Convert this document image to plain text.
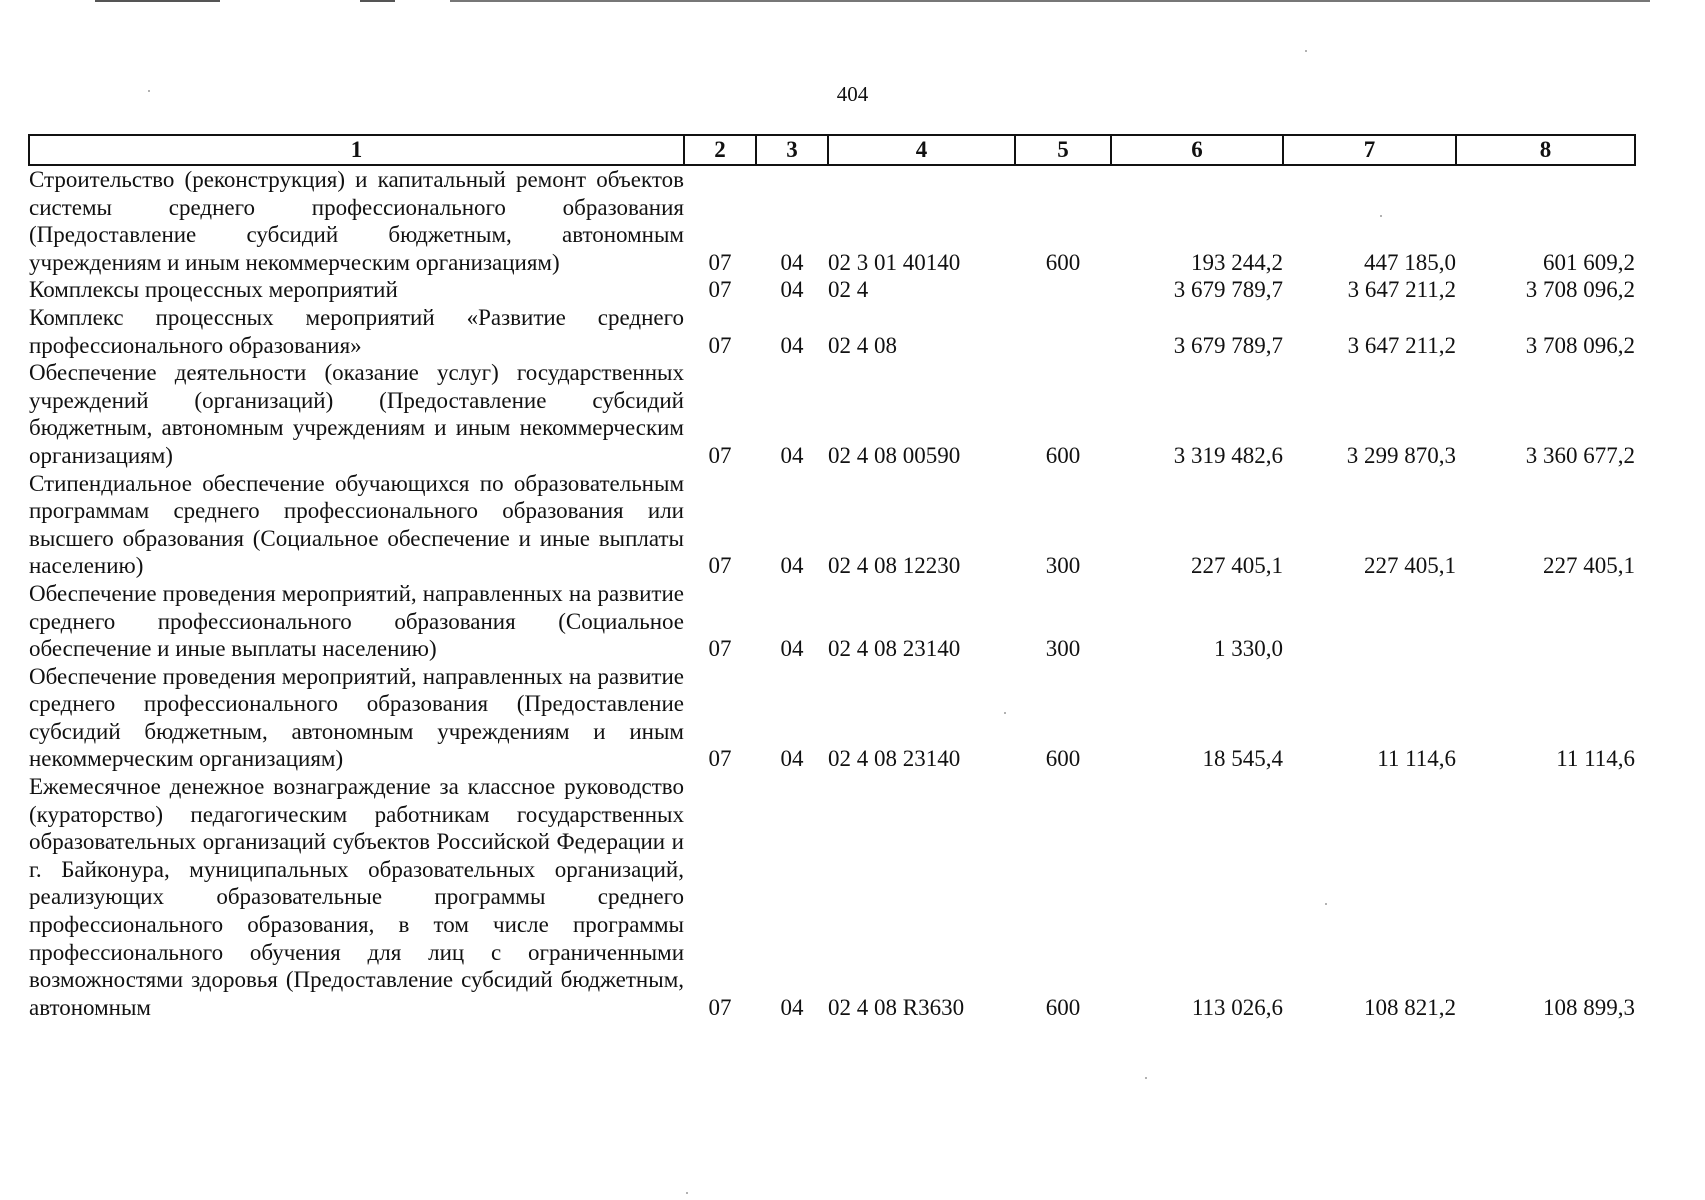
404
1	2	3	4	5	6	7	8
Строительство (реконструкция) и капитальный ремонт объектов системы среднего профессионального образования (Предоставление субсидий бюджетным, автономным учреждениям и иным некоммерческим организациям)	07	04	02 3 01 40140	600	193 244,2	447 185,0	601 609,2
Комплексы процессных мероприятий	07	04	02 4		3 679 789,7	3 647 211,2	3 708 096,2
Комплекс процессных мероприятий «Развитие среднего профессионального образования»	07	04	02 4 08		3 679 789,7	3 647 211,2	3 708 096,2
Обеспечение деятельности (оказание услуг) государственных учреждений (организаций) (Предоставление субсидий бюджетным, автономным учреждениям и иным некоммерческим организациям)	07	04	02 4 08 00590	600	3 319 482,6	3 299 870,3	3 360 677,2
Стипендиальное обеспечение обучающихся по образовательным программам среднего профессионального образования или высшего образования (Социальное обеспечение и иные выплаты населению)	07	04	02 4 08 12230	300	227 405,1	227 405,1	227 405,1
Обеспечение проведения мероприятий, направленных на развитие среднего профессионального образования (Социальное обеспечение и иные выплаты населению)	07	04	02 4 08 23140	300	1 330,0		
Обеспечение проведения мероприятий, направленных на развитие среднего профессионального образования (Предоставление субсидий бюджетным, автономным учреждениям и иным некоммерческим организациям)	07	04	02 4 08 23140	600	18 545,4	11 114,6	11 114,6
Ежемесячное денежное вознаграждение за классное руководство (кураторство) педагогическим работникам государственных образовательных организаций субъектов Российской Федерации и г. Байконура, муниципальных образовательных организаций, реализующих образовательные программы среднего профессионального образования, в том числе программы профессионального обучения для лиц с ограниченными возможностями здоровья (Предоставление субсидий бюджетным, автономным	07	04	02 4 08 R3630	600	113 026,6	108 821,2	108 899,3
